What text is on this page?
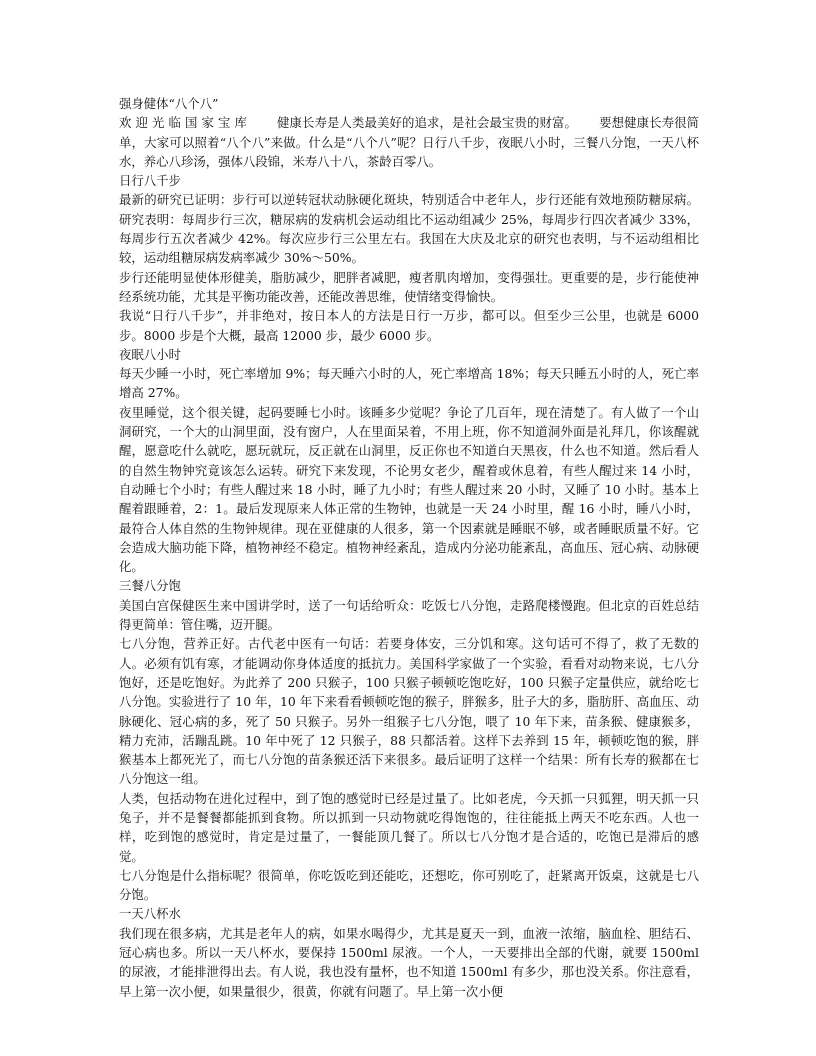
强身健体“八个八”

欢迎光临国家宝库 健康长寿是人类最美好的追求，是社会最宝贵的财富。 要想健康长寿很简单，大家可以照着“八个八”来做。什么是“八个八”呢？日行八千步，夜眠八小时，三餐八分饱，一天八杯水，养心八珍汤，强体八段锦，米寿八十八，茶龄百零八。

日行八千步

最新的研究已证明：步行可以逆转冠状动脉硬化斑块，特别适合中老年人，步行还能有效地预防糖尿病。研究表明：每周步行三次，糖尿病的发病机会运动组比不运动组减少 25%，每周步行四次者减少 33%，每周步行五次者减少 42%。每次应步行三公里左右。我国在大庆及北京的研究也表明，与不运动组相比较，运动组糖尿病发病率减少 30%～50%。

步行还能明显使体形健美，脂肪减少，肥胖者减肥，瘦者肌肉增加，变得强壮。更重要的是，步行能使神经系统功能，尤其是平衡功能改善，还能改善思维，使情绪变得愉快。

我说“日行八千步”，并非绝对，按日本人的方法是日行一万步，都可以。但至少三公里，也就是 6000 步。8000 步是个大概，最高 12000 步，最少 6000 步。

夜眠八小时

每天少睡一小时，死亡率增加 9%；每天睡六小时的人，死亡率增高 18%；每天只睡五小时的人，死亡率增高 27%。

夜里睡觉，这个很关键，起码要睡七小时。该睡多少觉呢？争论了几百年，现在清楚了。有人做了一个山洞研究，一个大的山洞里面，没有窗户，人在里面呆着，不用上班，你不知道洞外面是礼拜几，你该醒就醒，愿意吃什么就吃，愿玩就玩，反正就在山洞里，反正你也不知道白天黑夜，什么也不知道。然后看人的自然生物钟究竟该怎么运转。研究下来发现，不论男女老少，醒着或休息着，有些人醒过来 14 小时，自动睡七个小时；有些人醒过来 18 小时，睡了九小时；有些人醒过来 20 小时，又睡了 10 小时。基本上醒着跟睡着，2：1。最后发现原来人体正常的生物钟，也就是一天 24 小时里，醒 16 小时，睡八小时，最符合人体自然的生物钟规律。现在亚健康的人很多，第一个因素就是睡眠不够，或者睡眠质量不好。它会造成大脑功能下降，植物神经不稳定。植物神经紊乱，造成内分泌功能紊乱，高血压、冠心病、动脉硬化。

三餐八分饱

美国白宫保健医生来中国讲学时，送了一句话给听众：吃饭七八分饱，走路爬楼慢跑。但北京的百姓总结得更简单：管住嘴，迈开腿。

七八分饱，营养正好。古代老中医有一句话：若要身体安，三分饥和寒。这句话可不得了，救了无数的人。必须有饥有寒，才能调动你身体适度的抵抗力。美国科学家做了一个实验，看看对动物来说，七八分饱好，还是吃饱好。为此养了 200 只猴子，100 只猴子顿顿吃饱吃好，100 只猴子定量供应，就给吃七八分饱。实验进行了 10 年，10 年下来看看顿顿吃饱的猴子，胖猴多，肚子大的多，脂肪肝、高血压、动脉硬化、冠心病的多，死了 50 只猴子。另外一组猴子七八分饱，喂了 10 年下来，苗条猴、健康猴多，精力充沛，活蹦乱跳。10 年中死了 12 只猴子，88 只都活着。这样下去养到 15 年，顿顿吃饱的猴，胖猴基本上都死光了，而七八分饱的苗条猴还活下来很多。最后证明了这样一个结果：所有长寿的猴都在七八分饱这一组。

人类，包括动物在进化过程中，到了饱的感觉时已经是过量了。比如老虎，今天抓一只狐狸，明天抓一只兔子，并不是餐餐都能抓到食物。所以抓到一只动物就吃得饱饱的，往往能抵上两天不吃东西。人也一样，吃到饱的感觉时，肯定是过量了，一餐能顶几餐了。所以七八分饱才是合适的，吃饱已是滞后的感觉。

七八分饱是什么指标呢？很简单，你吃饭吃到还能吃，还想吃，你可别吃了，赶紧离开饭桌，这就是七八分饱。

一天八杯水

我们现在很多病，尤其是老年人的病，如果水喝得少，尤其是夏天一到，血液一浓缩，脑血栓、胆结石、冠心病也多。所以一天八杯水，要保持 1500ml 尿液。一个人，一天要排出全部的代谢，就要 1500ml 的尿液，才能排泄得出去。有人说，我也没有量杯，也不知道 1500ml 有多少，那也没关系。你注意看，早上第一次小便，如果量很少，很黄，你就有问题了。早上第一次小便
